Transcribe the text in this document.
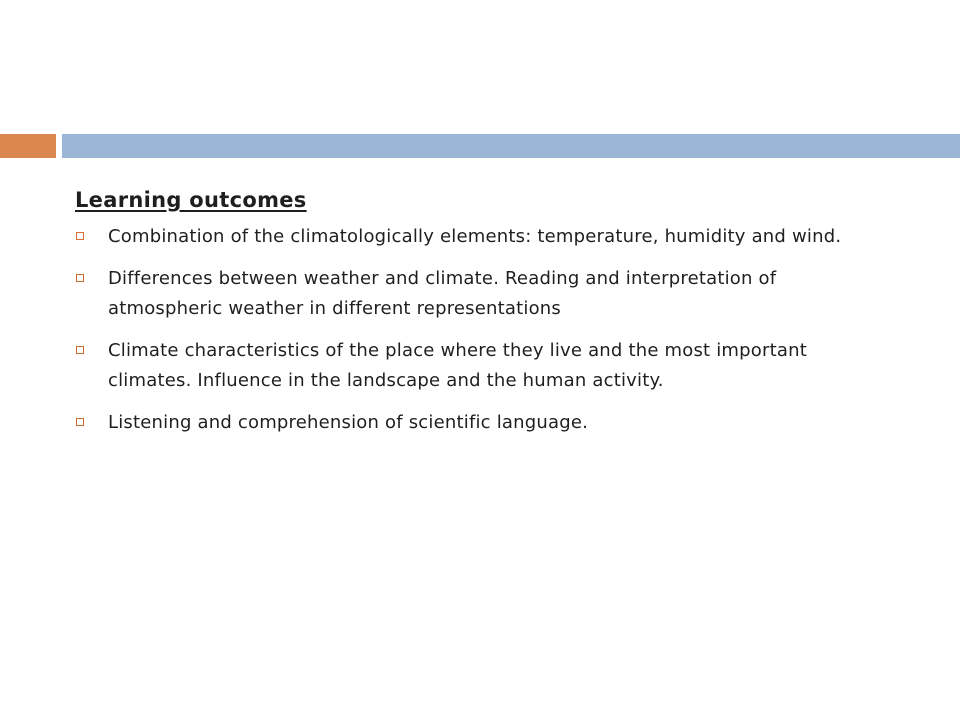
Learning outcomes
Combination of the climatologically elements: temperature, humidity and wind.
Differences between weather and climate. Reading and interpretation of atmospheric weather in different representations
Climate characteristics of the place where they live and the most important climates. Influence in the landscape and the human activity.
Listening and comprehension of scientific language.
